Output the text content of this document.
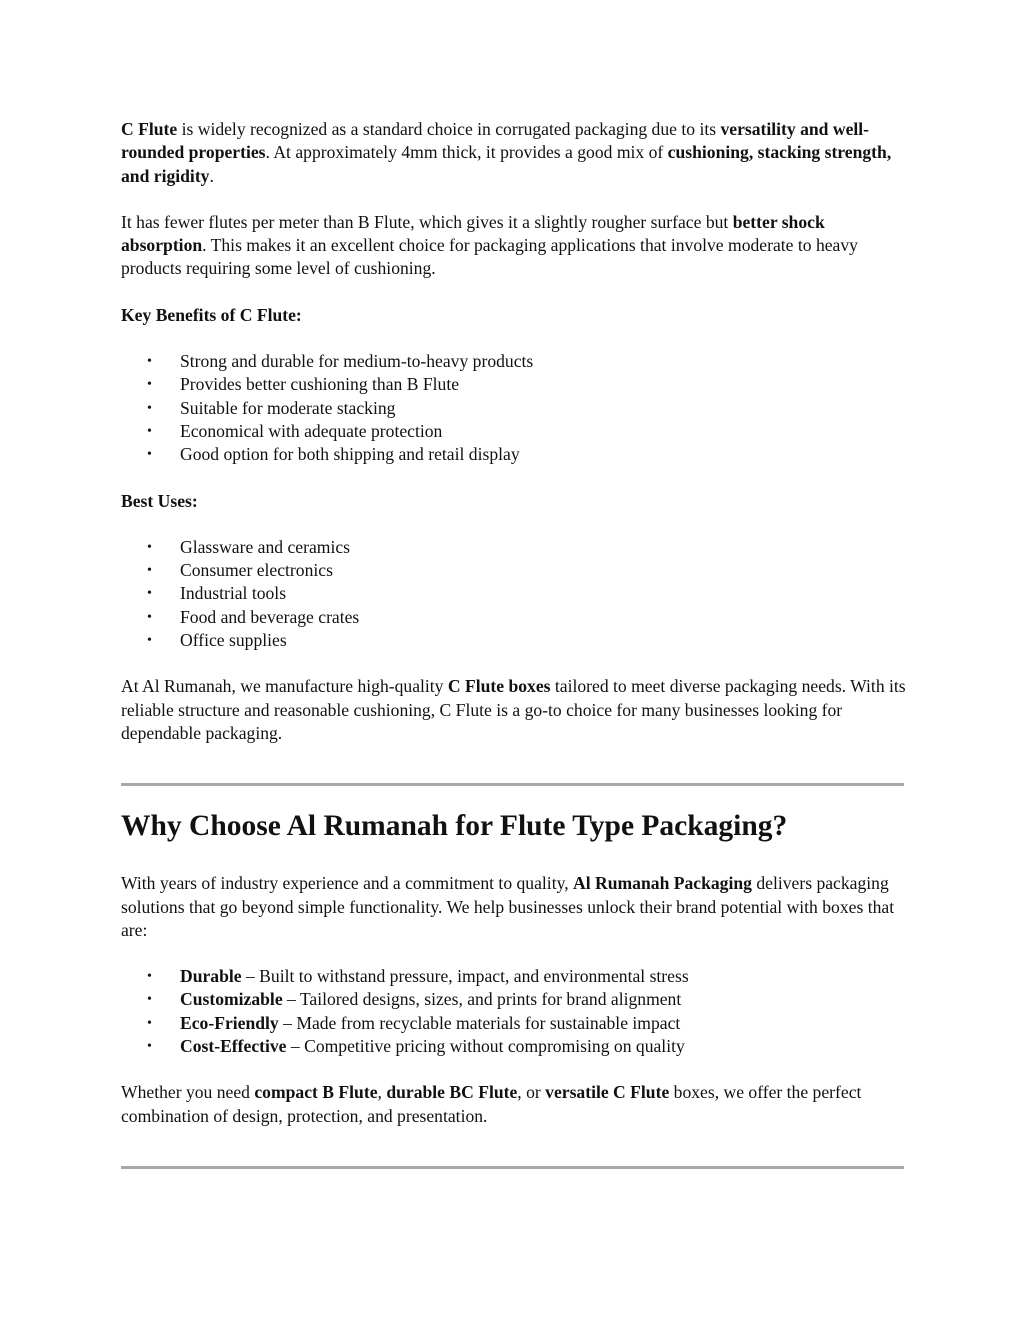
C Flute is widely recognized as a standard choice in corrugated packaging due to its versatility and well-rounded properties. At approximately 4mm thick, it provides a good mix of cushioning, stacking strength, and rigidity.

It has fewer flutes per meter than B Flute, which gives it a slightly rougher surface but better shock absorption. This makes it an excellent choice for packaging applications that involve moderate to heavy products requiring some level of cushioning.

Key Benefits of C Flute:

• Strong and durable for medium-to-heavy products
• Provides better cushioning than B Flute
• Suitable for moderate stacking
• Economical with adequate protection
• Good option for both shipping and retail display

Best Uses:

• Glassware and ceramics
• Consumer electronics
• Industrial tools
• Food and beverage crates
• Office supplies

At Al Rumanah, we manufacture high-quality C Flute boxes tailored to meet diverse packaging needs. With its reliable structure and reasonable cushioning, C Flute is a go-to choice for many businesses looking for dependable packaging.

Why Choose Al Rumanah for Flute Type Packaging?

With years of industry experience and a commitment to quality, Al Rumanah Packaging delivers packaging solutions that go beyond simple functionality. We help businesses unlock their brand potential with boxes that are:

• Durable – Built to withstand pressure, impact, and environmental stress
• Customizable – Tailored designs, sizes, and prints for brand alignment
• Eco-Friendly – Made from recyclable materials for sustainable impact
• Cost-Effective – Competitive pricing without compromising on quality

Whether you need compact B Flute, durable BC Flute, or versatile C Flute boxes, we offer the perfect combination of design, protection, and presentation.
